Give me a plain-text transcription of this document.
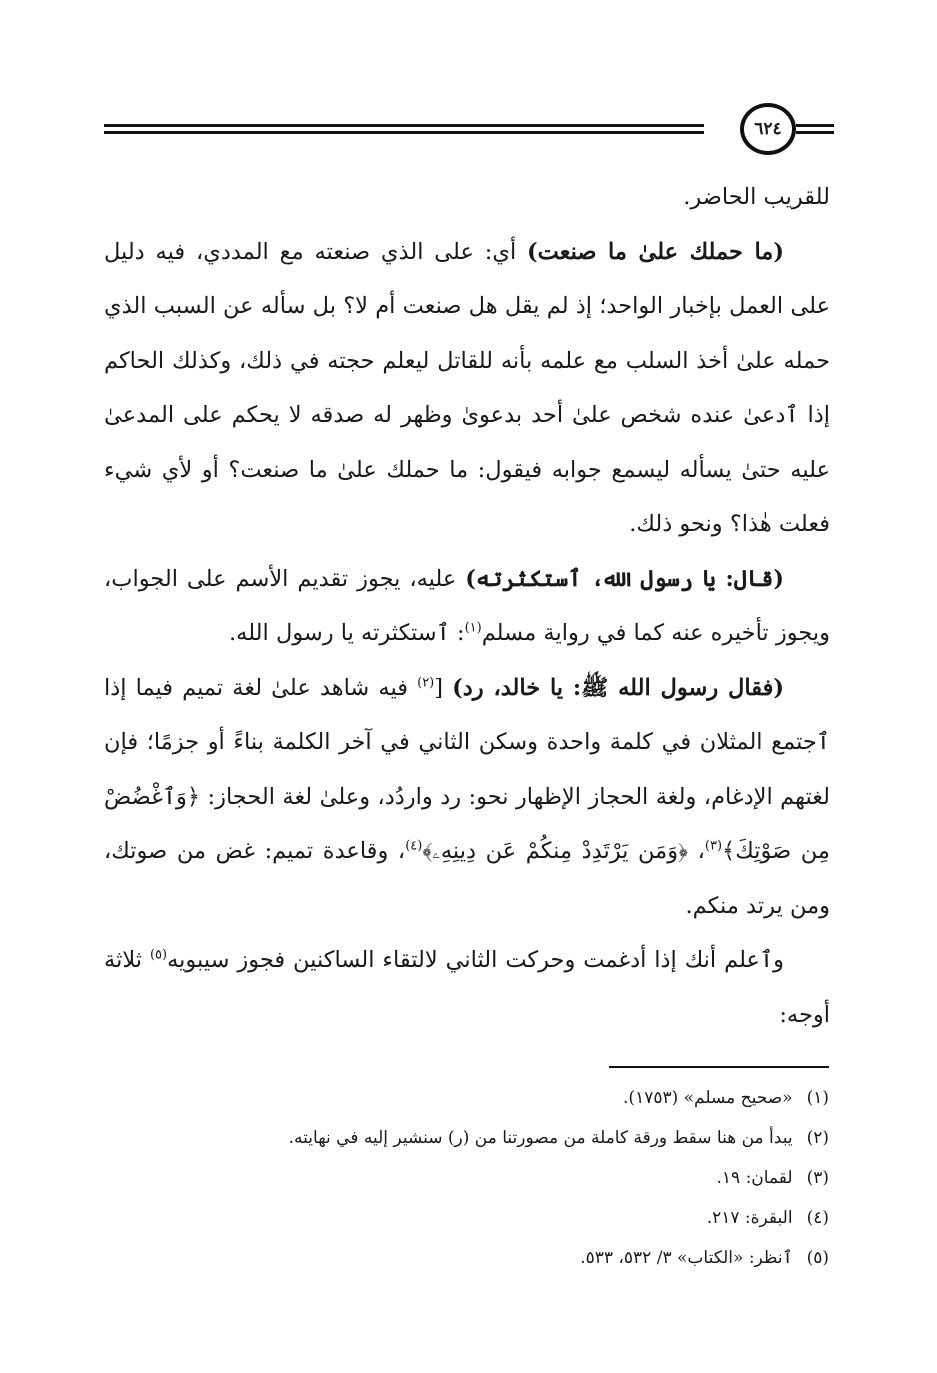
٦٢٤

للقريب الحاضر.

(ما حملك علىٰ ما صنعت) أي: على الذي صنعته مع المددي، فيه دليل على العمل بإخبار الواحد؛ إذ لم يقل هل صنعت أم لا؟ بل سأله عن السبب الذي حمله علىٰ أخذ السلب مع علمه بأنه للقاتل ليعلم حجته في ذلك، وكذلك الحاكم إذا ٱدعىٰ عنده شخص علىٰ أحد بدعوىٰ وظهر له صدقه لا يحكم على المدعىٰ عليه حتىٰ يسأله ليسمع جوابه فيقول: ما حملك علىٰ ما صنعت؟ أو لأي شيء فعلت هٰذا؟ ونحو ذلك.

(قال: يا رسول الله، ٱستكثرته) عليه، يجوز تقديم الأسم على الجواب، ويجوز تأخيره عنه كما في رواية مسلم$^{(١)}$: ٱستكثرته يا رسول الله.

(فقال رسول الله ﷺ: يا خالد، رد) [$^{(٢)}$ فيه شاهد علىٰ لغة تميم فيما إذا ٱجتمع المثلان في كلمة واحدة وسكن الثاني في آخر الكلمة بناءً أو جزمًا؛ فإن لغتهم الإدغام، ولغة الحجاز الإظهار نحو: رد واردُد، وعلىٰ لغة الحجاز: ﴿وَٱغْضُضْ مِن صَوْتِكَ﴾$^{(٣)}$، ﴿وَمَن يَرْتَدِدْ مِنكُمْ عَن دِينِهِۦ﴾$^{(٤)}$، وقاعدة تميم: غض من صوتك، ومن يرتد منكم.

وٱعلم أنك إذا أدغمت وحركت الثاني لالتقاء الساكنين فجوز سيبويه$^{(٥)}$ ثلاثة أوجه:

(١)
«صحيح مسلم» (١٧٥٣).
(٢)
يبدأ من هنا سقط ورقة كاملة من مصورتنا من (ر) سنشير إليه في نهايته.
(٣)
لقمان: ١٩.
(٤)
البقرة: ٢١٧.
(٥)
ٱنظر: «الكتاب» ٣/ ٥٣٢، ٥٣٣.
